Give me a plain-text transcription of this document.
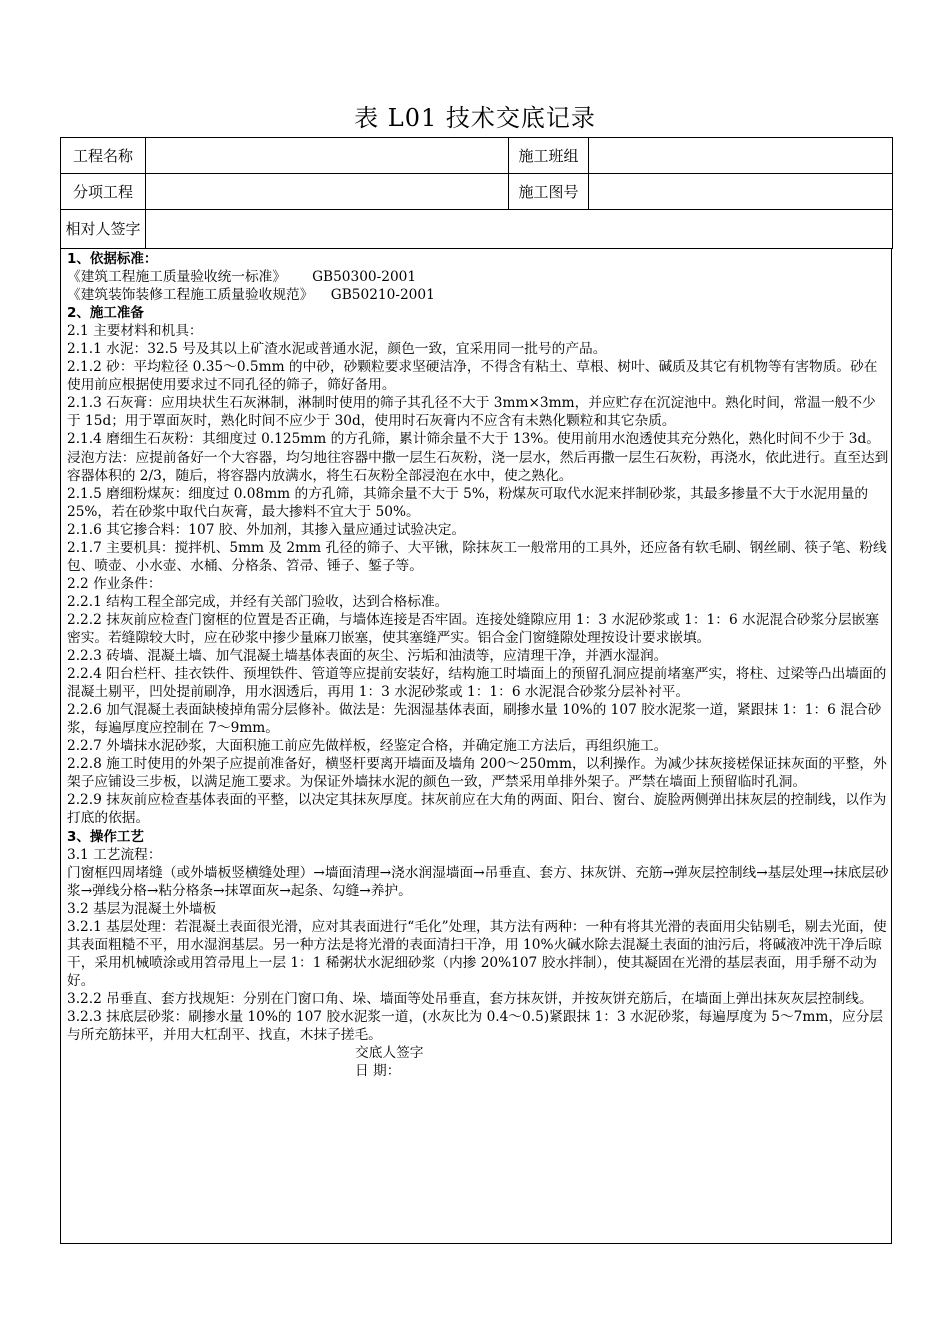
表 L01 技术交底记录
工程名称		施工班组	
分项工程		施工图号	
相对人签字			

1、依据标准：

《建筑工程施工质量验收统一标准》      GB50300-2001

《建筑装饰装修工程施工质量验收规范》    GB50210-2001

2、施工准备

2.1 主要材料和机具：

2.1.1 水泥：32.5 号及其以上矿渣水泥或普通水泥，颜色一致，宜采用同一批号的产品。

2.1.2 砂：平均粒径 0.35～0.5mm 的中砂，砂颗粒要求坚硬洁净，不得含有粘土、草根、树叶、碱质及其它有机物等有害物质。砂在使用前应根据使用要求过不同孔径的筛子，筛好备用。

2.1.3 石灰膏：应用块状生石灰淋制，淋制时使用的筛子其孔径不大于 3mm×3mm，并应贮存在沉淀池中。熟化时间，常温一般不少于 15d；用于罩面灰时，熟化时间不应少于 30d，使用时石灰膏内不应含有未熟化颗粒和其它杂质。

2.1.4 磨细生石灰粉：其细度过 0.125mm 的方孔筛，累计筛余量不大于 13%。使用前用水泡透使其充分熟化，熟化时间不少于 3d。

浸泡方法：应提前备好一个大容器，均匀地往容器中撒一层生石灰粉，浇一层水，然后再撒一层生石灰粉，再浇水，依此进行。直至达到容器体积的 2/3，随后，将容器内放满水，将生石灰粉全部浸泡在水中，使之熟化。

2.1.5 磨细粉煤灰：细度过 0.08mm 的方孔筛，其筛余量不大于 5%，粉煤灰可取代水泥来拌制砂浆，其最多掺量不大于水泥用量的 25%，若在砂浆中取代白灰膏，最大掺料不宜大于 50%。

2.1.6 其它掺合料：107 胶、外加剂，其掺入量应通过试验决定。

2.1.7 主要机具：搅拌机、5mm 及 2mm 孔径的筛子、大平锹，除抹灰工一般常用的工具外，还应备有软毛刷、钢丝刷、筷子笔、粉线包、喷壶、小水壶、水桶、分格条、笤帚、锤子、錾子等。

2.2 作业条件：

2.2.1 结构工程全部完成，并经有关部门验收，达到合格标准。

2.2.2 抹灰前应检查门窗框的位置是否正确，与墙体连接是否牢固。连接处缝隙应用 1：3 水泥砂浆或 1：1：6 水泥混合砂浆分层嵌塞密实。若缝隙较大时，应在砂浆中掺少量麻刀嵌塞，使其塞缝严实。铝合金门窗缝隙处理按设计要求嵌填。

2.2.3 砖墙、混凝土墙、加气混凝土墙基体表面的灰尘、污垢和油渍等，应清理干净，并洒水湿润。

2.2.4 阳台栏杆、挂衣铁件、预埋铁件、管道等应提前安装好，结构施工时墙面上的预留孔洞应提前堵塞严实，将柱、过梁等凸出墙面的混凝土剔平，凹处提前刷净，用水洇透后，再用 1：3 水泥砂浆或 1：1：6 水泥混合砂浆分层补衬平。

2.2.6 加气混凝土表面缺棱掉角需分层修补。做法是：先洇湿基体表面，刷掺水量 10%的 107 胶水泥浆一道，紧跟抹 1：1：6 混合砂浆，每遍厚度应控制在 7～9mm。

2.2.7 外墙抹水泥砂浆，大面积施工前应先做样板，经鉴定合格，并确定施工方法后，再组织施工。

2.2.8 施工时使用的外架子应提前准备好，横竖杆要离开墙面及墙角 200～250mm，以利操作。为减少抹灰接槎保证抹灰面的平整，外架子应铺设三步板，以满足施工要求。为保证外墙抹水泥的颜色一致，严禁采用单排外架子。严禁在墙面上预留临时孔洞。

2.2.9 抹灰前应检查基体表面的平整，以决定其抹灰厚度。抹灰前应在大角的两面、阳台、窗台、旋脸两侧弹出抹灰层的控制线，以作为打底的依据。

3、操作工艺

3.1 工艺流程：

门窗框四周堵缝（或外墙板竖横缝处理）→墙面清理→浇水润湿墙面→吊垂直、套方、抹灰饼、充筋→弹灰层控制线→基层处理→抹底层砂浆→弹线分格→粘分格条→抹罩面灰→起条、勾缝→养护。

3.2 基层为混凝土外墙板

3.2.1 基层处理：若混凝土表面很光滑，应对其表面进行“毛化”处理，其方法有两种：一种有将其光滑的表面用尖钻剔毛，剔去光面，使其表面粗糙不平，用水湿润基层。另一种方法是将光滑的表面清扫干净，用 10%火碱水除去混凝土表面的油污后，将碱液冲洗干净后晾干，采用机械喷涂或用笤帚甩上一层 1：1 稀粥状水泥细砂浆（内掺 20%107 胶水拌制），使其凝固在光滑的基层表面，用手掰不动为好。

3.2.2 吊垂直、套方找规矩：分别在门窗口角、垛、墙面等处吊垂直，套方抹灰饼，并按灰饼充筋后，在墙面上弹出抹灰灰层控制线。

3.2.3 抹底层砂浆：刷掺水量 10%的 107 胶水泥浆一道，(水灰比为 0.4～0.5)紧跟抹 1：3 水泥砂浆，每遍厚度为 5～7mm，应分层与所充筋抹平，并用大杠刮平、找直，木抹子搓毛。

交底人签字

日 期：
